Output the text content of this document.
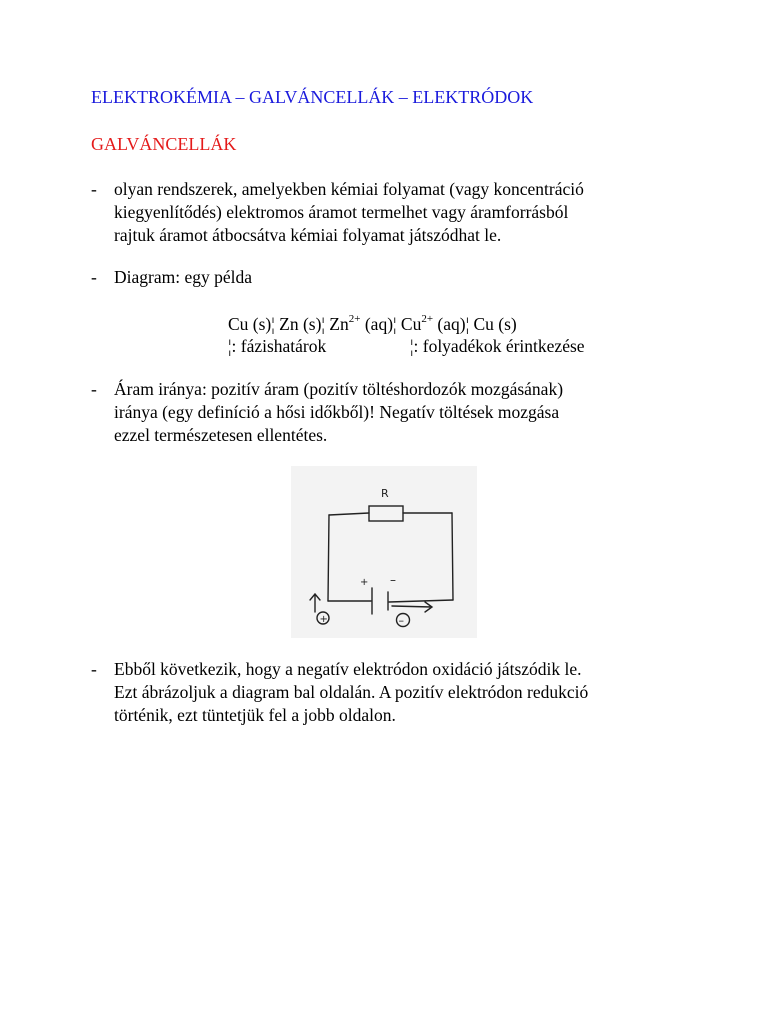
ELEKTROKÉMIA – GALVÁNCELLÁK – ELEKTRÓDOK
GALVÁNCELLÁK
- olyan rendszerek, amelyekben kémiai folyamat (vagy koncentráció
kiegyenlítődés) elektromos áramot termelhet vagy áramforrásból
rajtuk áramot átbocsátva kémiai folyamat játszódhat le.
- Diagram: egy példa
Cu (s)¦ Zn (s)¦ $Zn^{2+}$ (aq)¦ $Cu^{2+}$ (aq)¦ Cu (s)
¦: fázishatárok	¦: folyadékok érintkezése
- Áram iránya: pozitív áram (pozitív töltéshordozók mozgásának)
iránya (egy definíció a hősi időkből)! Negatív töltések mozgása
ezzel természetesen ellentétes.
R
+ –
+	–
- Ebből következik, hogy a negatív elektródon oxidáció játszódik le.
Ezt ábrázoljuk a diagram bal oldalán. A pozitív elektródon redukció
történik, ezt tüntetjük fel a jobb oldalon.
